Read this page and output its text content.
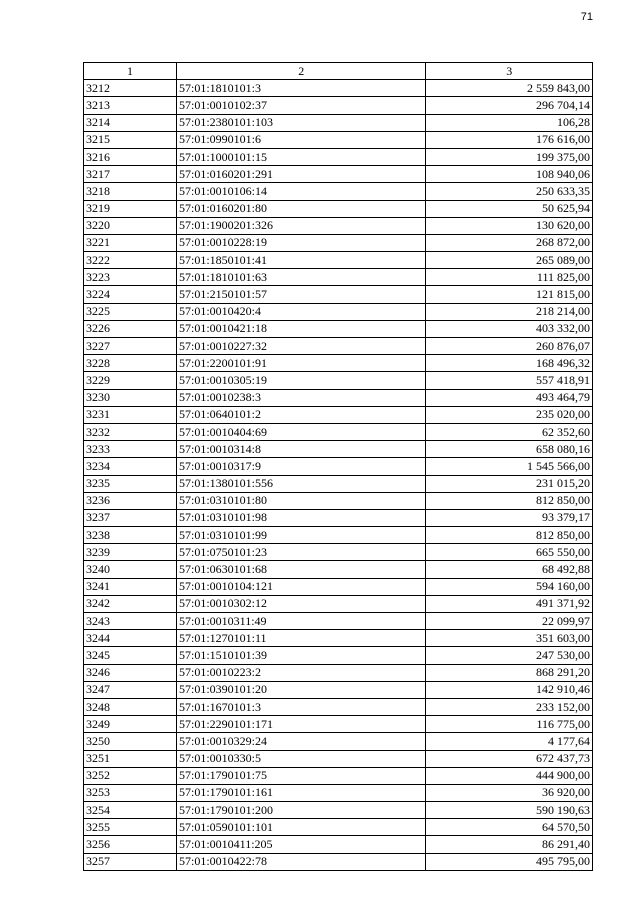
71
1	2	3
3212	57:01:1810101:3	2 559 843,00
3213	57:01:0010102:37	296 704,14
3214	57:01:2380101:103	106,28
3215	57:01:0990101:6	176 616,00
3216	57:01:1000101:15	199 375,00
3217	57:01:0160201:291	108 940,06
3218	57:01:0010106:14	250 633,35
3219	57:01:0160201:80	50 625,94
3220	57:01:1900201:326	130 620,00
3221	57:01:0010228:19	268 872,00
3222	57:01:1850101:41	265 089,00
3223	57:01:1810101:63	111 825,00
3224	57:01:2150101:57	121 815,00
3225	57:01:0010420:4	218 214,00
3226	57:01:0010421:18	403 332,00
3227	57:01:0010227:32	260 876,07
3228	57:01:2200101:91	168 496,32
3229	57:01:0010305:19	557 418,91
3230	57:01:0010238:3	493 464,79
3231	57:01:0640101:2	235 020,00
3232	57:01:0010404:69	62 352,60
3233	57:01:0010314:8	658 080,16
3234	57:01:0010317:9	1 545 566,00
3235	57:01:1380101:556	231 015,20
3236	57:01:0310101:80	812 850,00
3237	57:01:0310101:98	93 379,17
3238	57:01:0310101:99	812 850,00
3239	57:01:0750101:23	665 550,00
3240	57:01:0630101:68	68 492,88
3241	57:01:0010104:121	594 160,00
3242	57:01:0010302:12	491 371,92
3243	57:01:0010311:49	22 099,97
3244	57:01:1270101:11	351 603,00
3245	57:01:1510101:39	247 530,00
3246	57:01:0010223:2	868 291,20
3247	57:01:0390101:20	142 910,46
3248	57:01:1670101:3	233 152,00
3249	57:01:2290101:171	116 775,00
3250	57:01:0010329:24	4 177,64
3251	57:01:0010330:5	672 437,73
3252	57:01:1790101:75	444 900,00
3253	57:01:1790101:161	36 920,00
3254	57:01:1790101:200	590 190,63
3255	57:01:0590101:101	64 570,50
3256	57:01:0010411:205	86 291,40
3257	57:01:0010422:78	495 795,00
